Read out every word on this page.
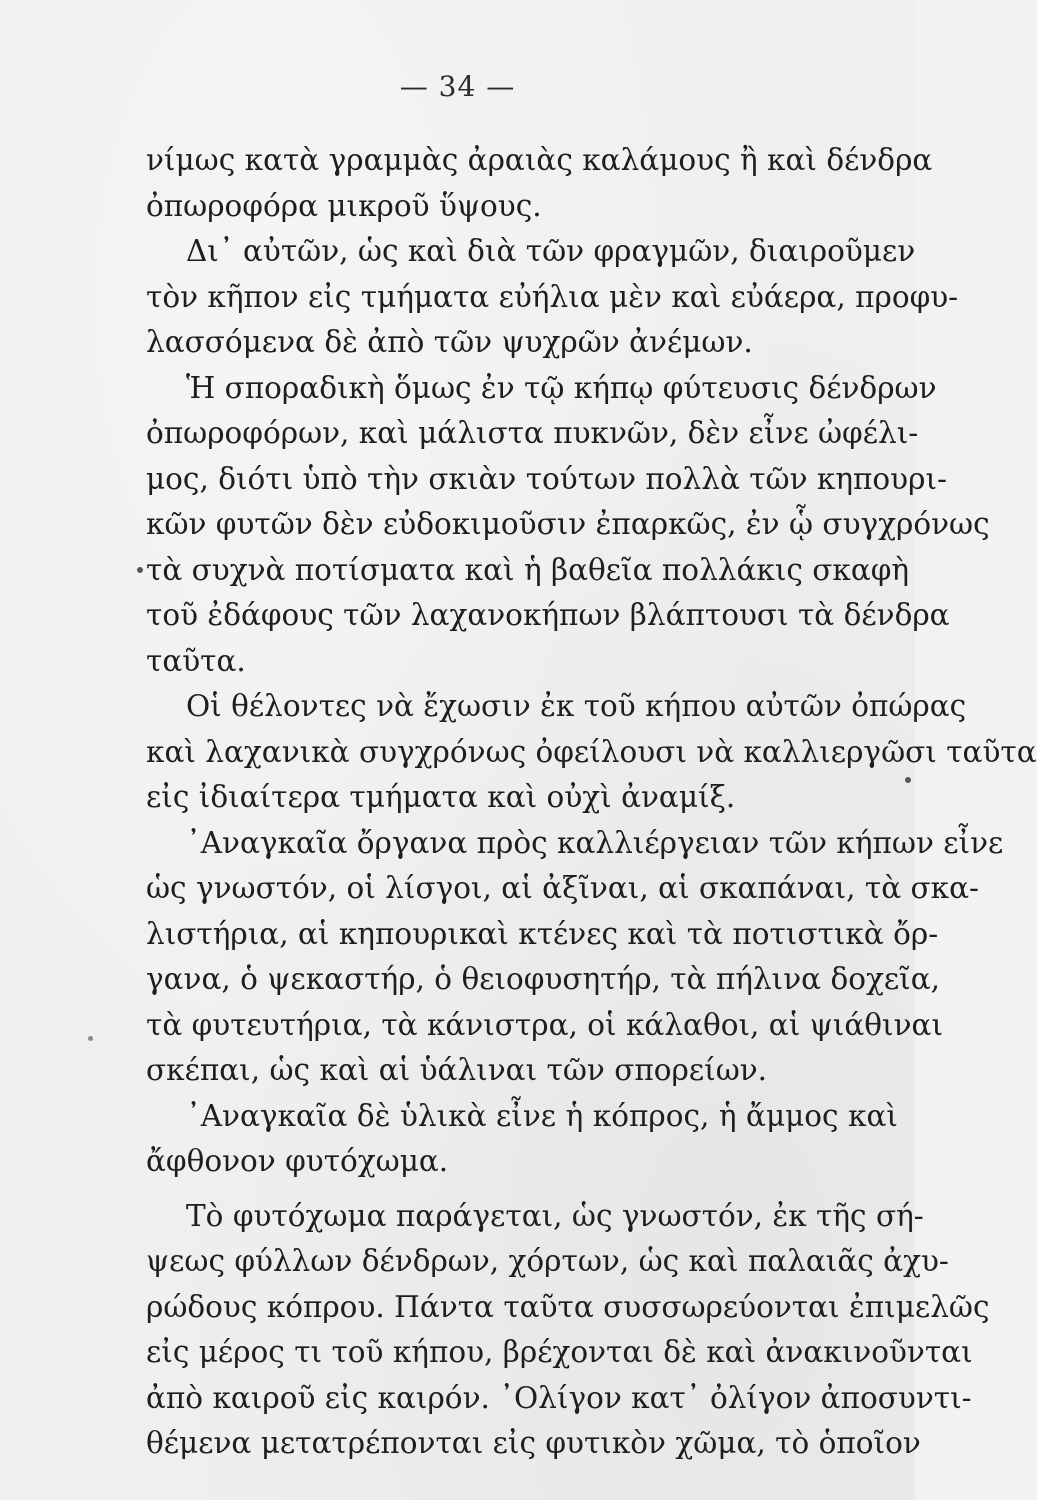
— 34 —
νίμως κατὰ γραμμὰς ἀραιὰς καλάμους ἢ καὶ δένδρα
ὀπωροφόρα μικροῦ ὕψους.
Δι᾽ αὐτῶν, ὡς καὶ διὰ τῶν φραγμῶν, διαιροῦμεν
τὸν κῆπον εἰς τμήματα εὐήλια μὲν καὶ εὐάερα, προφυ-
λασσόμενα δὲ ἀπὸ τῶν ψυχρῶν ἀνέμων.
Ἡ σποραδικὴ ὅμως ἐν τῷ κήπῳ φύτευσις δένδρων
ὀπωροφόρων, καὶ μάλιστα πυκνῶν, δὲν εἶνε ὠφέλι-
μος, διότι ὑπὸ τὴν σκιὰν τούτων πολλὰ τῶν κηπουρι-
κῶν φυτῶν δὲν εὐδοκιμοῦσιν ἐπαρκῶς, ἐν ᾧ συγχρόνως
τὰ συχνὰ ποτίσματα καὶ ἡ βαθεῖα πολλάκις σκαφὴ
τοῦ ἐδάφους τῶν λαχανοκήπων βλάπτουσι τὰ δένδρα
ταῦτα.
Οἱ θέλοντες νὰ ἔχωσιν ἐκ τοῦ κήπου αὐτῶν ὀπώρας
καὶ λαχανικὰ συγχρόνως ὀφείλουσι νὰ καλλιεργῶσι ταῦτα
εἰς ἰδιαίτερα τμήματα καὶ οὐχὶ ἀναμίξ.
᾿Αναγκαῖα ὄργανα πρὸς καλλιέργειαν τῶν κήπων εἶνε
ὡς γνωστόν, οἱ λίσγοι, αἱ ἀξῖναι, αἱ σκαπάναι, τὰ σκα-
λιστήρια, αἱ κηπουρικαὶ κτένες καὶ τὰ ποτιστικὰ ὄρ-
γανα, ὁ ψεκαστήρ, ὁ θειοφυσητήρ, τὰ πήλινα δοχεῖα,
τὰ φυτευτήρια, τὰ κάνιστρα, οἱ κάλαθοι, αἱ ψιάθιναι
σκέπαι, ὡς καὶ αἱ ὑάλιναι τῶν σπορείων.
᾿Αναγκαῖα δὲ ὑλικὰ εἶνε ἡ κόπρος, ἡ ἄμμος καὶ
ἄφθονον φυτόχωμα.
Τὸ φυτόχωμα παράγεται, ὡς γνωστόν, ἐκ τῆς σή-
ψεως φύλλων δένδρων, χόρτων, ὡς καὶ παλαιᾶς ἀχυ-
ρώδους κόπρου. Πάντα ταῦτα συσσωρεύονται ἐπιμελῶς
εἰς μέρος τι τοῦ κήπου, βρέχονται δὲ καὶ ἀνακινοῦνται
ἀπὸ καιροῦ εἰς καιρόν. ᾿Ολίγον κατ᾽ ὀλίγον ἀποσυντι-
θέμενα μετατρέπονται εἰς φυτικὸν χῶμα, τὸ ὁποῖον
